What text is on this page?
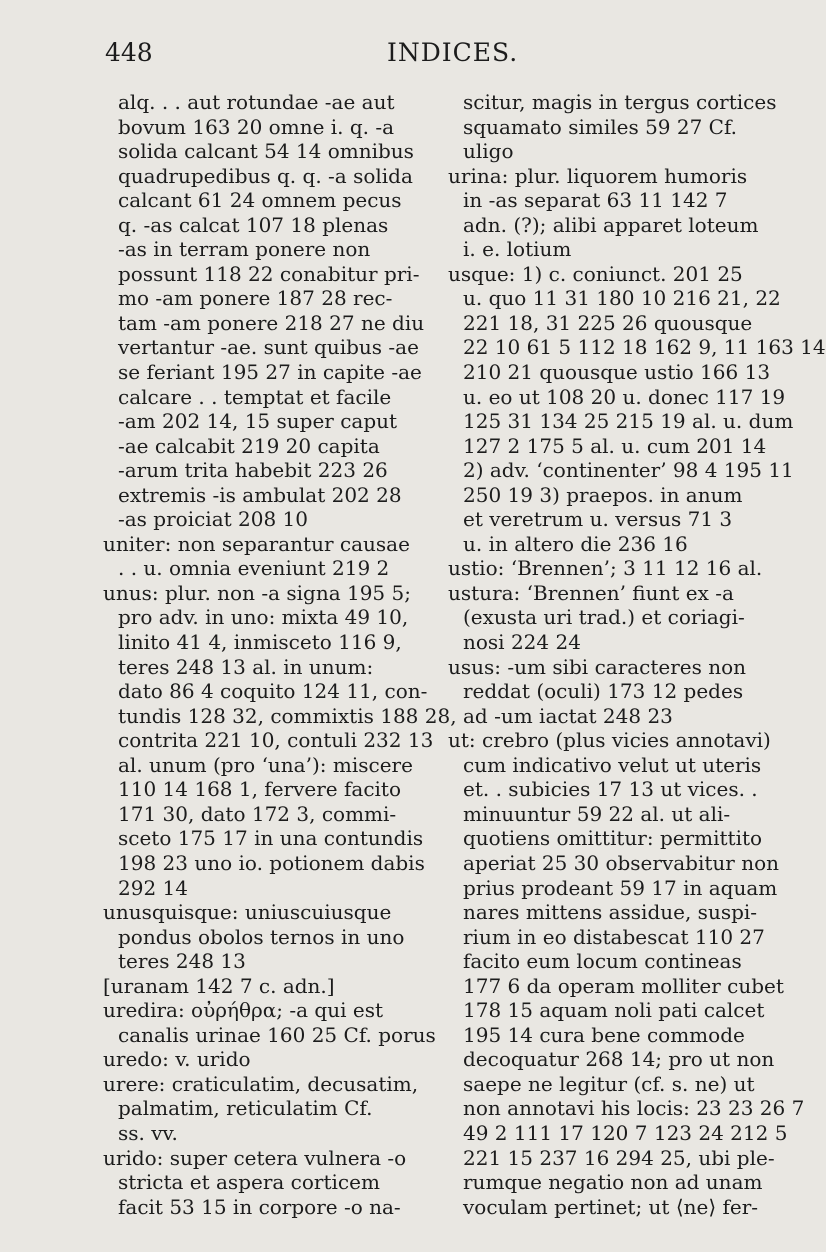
448	INDICES.
alq. . . aut rotundae -ae aut
bovum 163 20 omne i. q. -a
solida calcant 54 14 omnibus
quadrupedibus q. q. -a solida
calcant 61 24 omnem pecus
q. -as calcat 107 18 plenas
-as in terram ponere non
possunt 118 22 conabitur pri-
mo -am ponere 187 28 rec-
tam -am ponere 218 27 ne diu
vertantur -ae. sunt quibus -ae
se feriant 195 27 in capite -ae
calcare . . temptat et facile
-am 202 14, 15 super caput
-ae calcabit 219 20 capita
-arum trita habebit 223 26
extremis -is ambulat 202 28
-as proiciat 208 10
uniter: non separantur causae
. . u. omnia eveniunt 219 2
unus: plur. non -a signa 195 5;
pro adv. in uno: mixta 49 10,
linito 41 4, inmisceto 116 9,
teres 248 13 al. in unum:
dato 86 4 coquito 124 11, con-
tundis 128 32, commixtis 188 28,
contrita 221 10, contuli 232 13
al. unum (pro ‘una’): miscere
110 14 168 1, fervere facito
171 30, dato 172 3, commi-
sceto 175 17 in una contundis
198 23 uno io. potionem dabis
292 14
unusquisque: uniuscuiusque
pondus obolos ternos in uno
teres 248 13
[uranam 142 7 c. adn.]
uredira: οὐρήθρα; -a qui est
canalis urinae 160 25 Cf. porus
uredo: v. urido
urere: craticulatim, decusatim,
palmatim, reticulatim Cf.
ss. vv.
urido: super cetera vulnera -o
stricta et aspera corticem
facit 53 15 in corpore -o na-
scitur, magis in tergus cortices
squamato similes 59 27 Cf.
uligo
urina: plur. liquorem humoris
in -as separat 63 11 142 7
adn. (?); alibi apparet loteum
i. e. lotium
usque: 1) c. coniunct. 201 25
u. quo 11 31 180 10 216 21, 22
221 18, 31 225 26 quousque
22 10 61 5 112 18 162 9, 11 163 14
210 21 quousque ustio 166 13
u. eo ut 108 20 u. donec 117 19
125 31 134 25 215 19 al. u. dum
127 2 175 5 al. u. cum 201 14
2) adv. ‘continenter’ 98 4 195 11
250 19 3) praepos. in anum
et veretrum u. versus 71 3
u. in altero die 236 16
ustio: ‘Brennen’; 3 11 12 16 al.
ustura: ‘Brennen’ fiunt ex -a
(exusta uri trad.) et coriagi-
nosi 224 24
usus: -um sibi caracteres non
reddat (oculi) 173 12 pedes
ad -um iactat 248 23
ut: crebro (plus vicies annotavi)
cum indicativo velut ut uteris
et. . subicies 17 13 ut vices. .
minuuntur 59 22 al. ut ali-
quotiens omittitur: permittito
aperiat 25 30 observabitur non
prius prodeant 59 17 in aquam
nares mittens assidue, suspi-
rium in eo distabescat 110 27
facito eum locum contineas
177 6 da operam molliter cubet
178 15 aquam noli pati calcet
195 14 cura bene commode
decoquatur 268 14; pro ut non
saepe ne legitur (cf. s. ne) ut
non annotavi his locis: 23 23 26 7
49 2 111 17 120 7 123 24 212 5
221 15 237 16 294 25, ubi ple-
rumque negatio non ad unam
voculam pertinet; ut ⟨ne⟩ fer-
